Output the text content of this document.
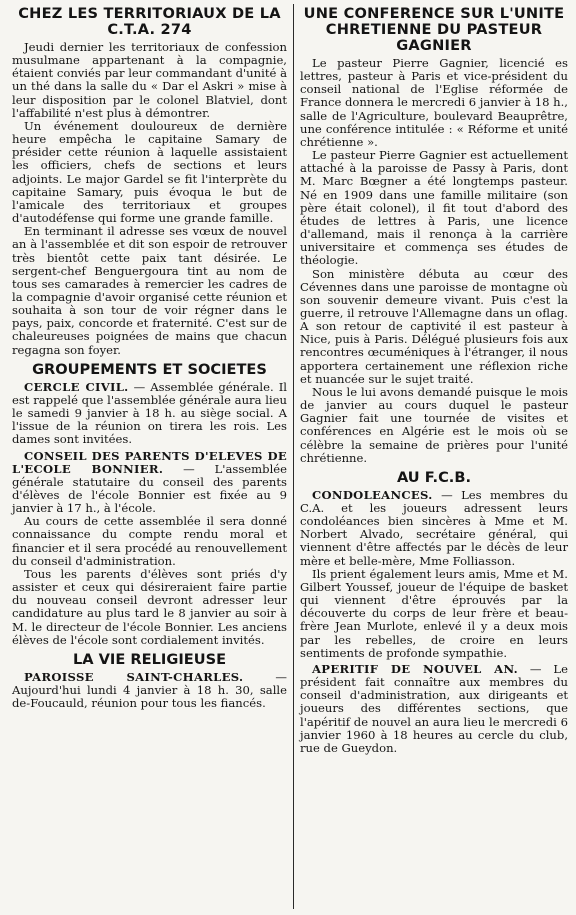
CHEZ LES TERRITORIAUX DE LA C.T.A. 274

Jeudi dernier les territoriaux de confession musulmane appartenant à la compagnie, étaient conviés par leur commandant d'unité à un thé dans la salle du « Dar el Askri » mise à leur disposition par le colonel Blatviel, dont l'affabilité n'est plus à démontrer.

Un événement douloureux de dernière heure empêcha le capitaine Samary de présider cette réunion à laquelle assistaient les officiers, chefs de sections et leurs adjoints. Le major Gardel se fit l'interprète du capitaine Samary, puis évoqua le but de l'amicale des territoriaux et groupes d'autodéfense qui forme une grande famille.

En terminant il adresse ses vœux de nouvel an à l'assemblée et dit son espoir de retrouver très bientôt cette paix tant désirée. Le sergent-chef Benguergoura tint au nom de tous ses camarades à remercier les cadres de la compagnie d'avoir organisé cette réunion et souhaita à son tour de voir régner dans le pays, paix, concorde et fraternité. C'est sur de chaleureuses poignées de mains que chacun regagna son foyer.

GROUPEMENTS ET SOCIETES

CERCLE CIVIL. — Assemblée générale. Il est rappelé que l'assemblée générale aura lieu le samedi 9 janvier à 18 h. au siège social. A l'issue de la réunion on tirera les rois. Les dames sont invitées.

CONSEIL DES PARENTS D'ELEVES DE L'ECOLE BONNIER. — L'assemblée générale statutaire du conseil des parents d'élèves de l'école Bonnier est fixée au 9 janvier à 17 h., à l'école.

Au cours de cette assemblée il sera donné connaissance du compte rendu moral et financier et il sera procédé au renouvellement du conseil d'administration.

Tous les parents d'élèves sont priés d'y assister et ceux qui désireraient faire partie du nouveau conseil devront adresser leur candidature au plus tard le 8 janvier au soir à M. le directeur de l'école Bonnier. Les anciens élèves de l'école sont cordialement invités.

LA VIE RELIGIEUSE

PAROISSE SAINT-CHARLES. — Aujourd'hui lundi 4 janvier à 18 h. 30, salle de-Foucauld, réunion pour tous les fiancés.

UNE CONFERENCE SUR L'UNITE CHRETIENNE DU PASTEUR GAGNIER

Le pasteur Pierre Gagnier, licencié es lettres, pasteur à Paris et vice-président du conseil national de l'Eglise réformée de France donnera le mercredi 6 janvier à 18 h., salle de l'Agriculture, boulevard Beauprêtre, une conférence intitulée : « Réforme et unité chrétienne ».

Le pasteur Pierre Gagnier est actuellement attaché à la paroisse de Passy à Paris, dont M. Marc Bœgner a été longtemps pasteur. Né en 1909 dans une famille militaire (son père était colonel), il fit tout d'abord des études de lettres à Paris, une licence d'allemand, mais il renonça à la carrière universitaire et commença ses études de théologie.

Son ministère débuta au cœur des Cévennes dans une paroisse de montagne où son souvenir demeure vivant. Puis c'est la guerre, il retrouve l'Allemagne dans un oflag. A son retour de captivité il est pasteur à Nice, puis à Paris. Délégué plusieurs fois aux rencontres œcuméniques à l'étranger, il nous apportera certainement une réflexion riche et nuancée sur le sujet traité.

Nous le lui avons demandé puisque le mois de janvier au cours duquel le pasteur Gagnier fait une tournée de visites et conférences en Algérie est le mois où se célèbre la semaine de prières pour l'unité chrétienne.

AU F.C.B.

CONDOLEANCES. — Les membres du C.A. et les joueurs adressent leurs condoléances bien sincères à Mme et M. Norbert Alvado, secrétaire général, qui viennent d'être affectés par le décès de leur mère et belle-mère, Mme Folliasson.

Ils prient également leurs amis, Mme et M. Gilbert Youssef, joueur de l'équipe de basket qui viennent d'être éprouvés par la découverte du corps de leur frère et beau-frère Jean Murlote, enlevé il y a deux mois par les rebelles, de croire en leurs sentiments de profonde sympathie.

APERITIF DE NOUVEL AN. — Le président fait connaître aux membres du conseil d'administration, aux dirigeants et joueurs des différentes sections, que l'apéritif de nouvel an aura lieu le mercredi 6 janvier 1960 à 18 heures au cercle du club, rue de Gueydon.
